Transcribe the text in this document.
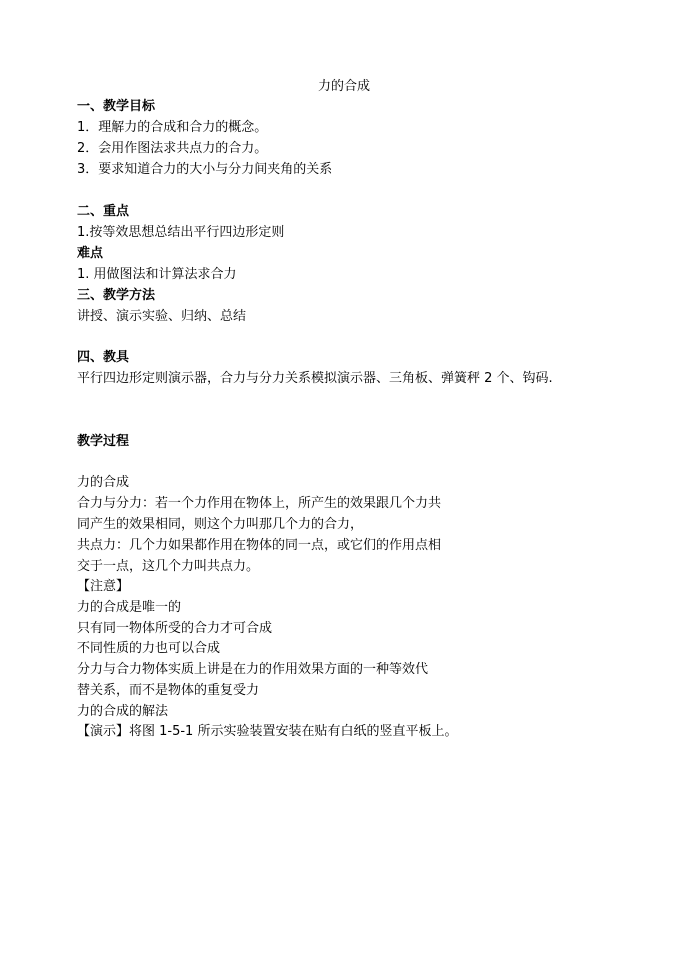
力的合成
一、教学目标
1．理解力的合成和合力的概念。
2．会用作图法求共点力的合力。
3．要求知道合力的大小与分力间夹角的关系
二、重点
1.按等效思想总结出平行四边形定则
难点
1. 用做图法和计算法求合力
三、教学方法
讲授、演示实验、归纳、总结
四、教具
平行四边形定则演示器，合力与分力关系模拟演示器、三角板、弹簧秤 2 个、钩码.
教学过程
力的合成
合力与分力：若一个力作用在物体上，所产生的效果跟几个力共
同产生的效果相同，则这个力叫那几个力的合力，
共点力：几个力如果都作用在物体的同一点，或它们的作用点相
交于一点，这几个力叫共点力。
【注意】
力的合成是唯一的
只有同一物体所受的合力才可合成
不同性质的力也可以合成
分力与合力物体实质上讲是在力的作用效果方面的一种等效代
替关系，而不是物体的重复受力
力的合成的解法
【演示】将图 1-5-1 所示实验装置安装在贴有白纸的竖直平板上。
